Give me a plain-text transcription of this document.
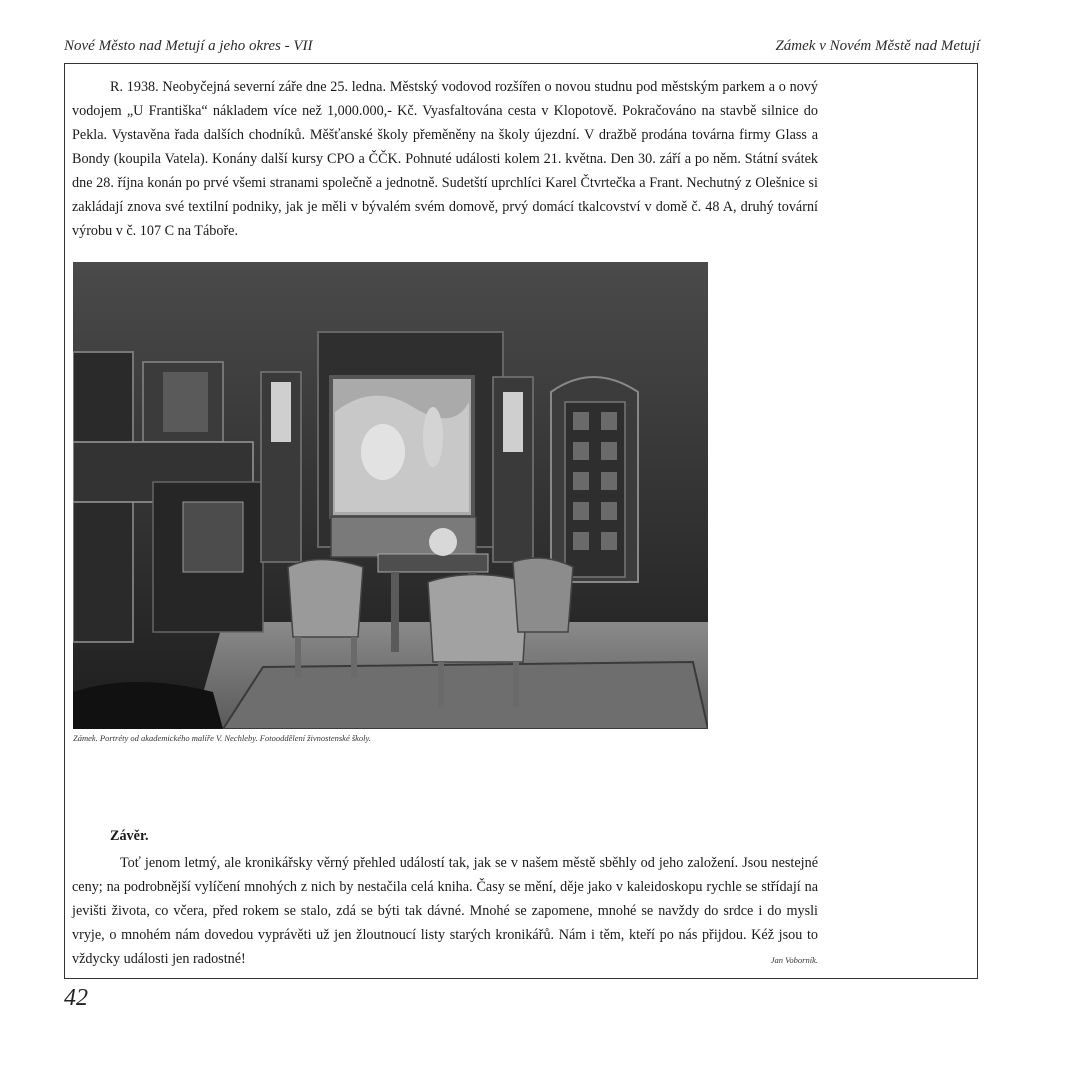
Nové Město nad Metují a jeho okres - VII	Zámek v Novém Městě nad Metují
R. 1938. Neobyčejná severní záře dne 25. ledna. Městský vodovod rozšířen o novou studnu pod městským parkem a o nový vodojem „U Františka“ nákladem více než 1,000.000,- Kč. Vyasfaltována cesta v Klopotově. Pokračováno na stavbě silnice do Pekla. Vystavěna řada dalších chodníků. Měšťanské školy přeměněny na školy újezdní. V dražbě prodána továrna firmy Glass a Bondy (koupila Vatela). Konány další kursy CPO a ČČK. Pohnuté události kolem 21. května. Den 30. září a po něm. Státní svátek dne 28. října konán po prvé všemi stranami společně a jednotně. Sudetští uprchlíci Karel Čtvrtečka a Frant. Nechutný z Olešnice si zakládají znova své textilní podniky, jak je měli v bývalém svém domově, prvý domácí tkalcovství v domě č. 48 A, druhý tovární výrobu v č. 107 C na Táboře.
Zámek. Portréty od akademického malíře V. Nechleby. Fotooddělení živnostenské školy.
Závěr.
Toť jenom letmý, ale kronikářsky věrný přehled událostí tak, jak se v našem městě sběhly od jeho založení. Jsou nestejné ceny; na podrobnější vylíčení mnohých z nich by nestačila celá kniha. Časy se mění, děje jako v kaleidoskopu rychle se střídají na jevišti života, co včera, před rokem se stalo, zdá se býti tak dávné. Mnohé se zapomene, mnohé se navždy do srdce i do mysli vryje, o mnohém nám dovedou vyprávěti už jen žloutnoucí listy starých kronikářů. Nám i těm, kteří po nás přijdou. Kéž jsou to vždycky události jen radostné!	Jan Voborník.
42
